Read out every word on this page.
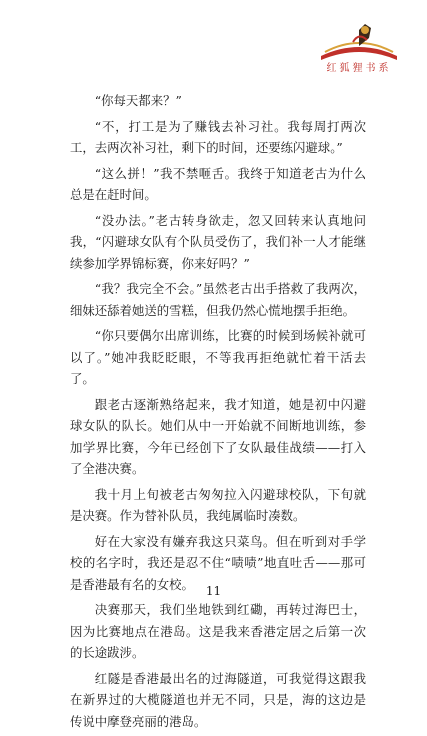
红狐狸书系

“你每天都来？”

“不，打工是为了赚钱去补习社。我每周打两次工，去两次补习社，剩下的时间，还要练闪避球。”

“这么拼！”我不禁咂舌。我终于知道老古为什么总是在赶时间。

“没办法。”老古转身欲走，忽又回转来认真地问我，“闪避球女队有个队员受伤了，我们补一人才能继续参加学界锦标赛，你来好吗？”

“我？我完全不会。”虽然老古出手搭救了我两次，细妹还舔着她送的雪糕，但我仍然心慌地摆手拒绝。

“你只要偶尔出席训练，比赛的时候到场候补就可以了。”她冲我眨眨眼，不等我再拒绝就忙着干活去了。

跟老古逐渐熟络起来，我才知道，她是初中闪避球女队的队长。她们从中一开始就不间断地训练，参加学界比赛，今年已经创下了女队最佳战绩——打入了全港决赛。

我十月上旬被老古匆匆拉入闪避球校队，下旬就是决赛。作为替补队员，我纯属临时凑数。

好在大家没有嫌弃我这只菜鸟。但在听到对手学校的名字时，我还是忍不住“啧啧”地直吐舌——那可是香港最有名的女校。

决赛那天，我们坐地铁到红磡，再转过海巴士，因为比赛地点在港岛。这是我来香港定居之后第一次的长途跋涉。

红隧是香港最出名的过海隧道，可我觉得这跟我在新界过的大榄隧道也并无不同，只是，海的这边是传说中摩登亮丽的港岛。

11
